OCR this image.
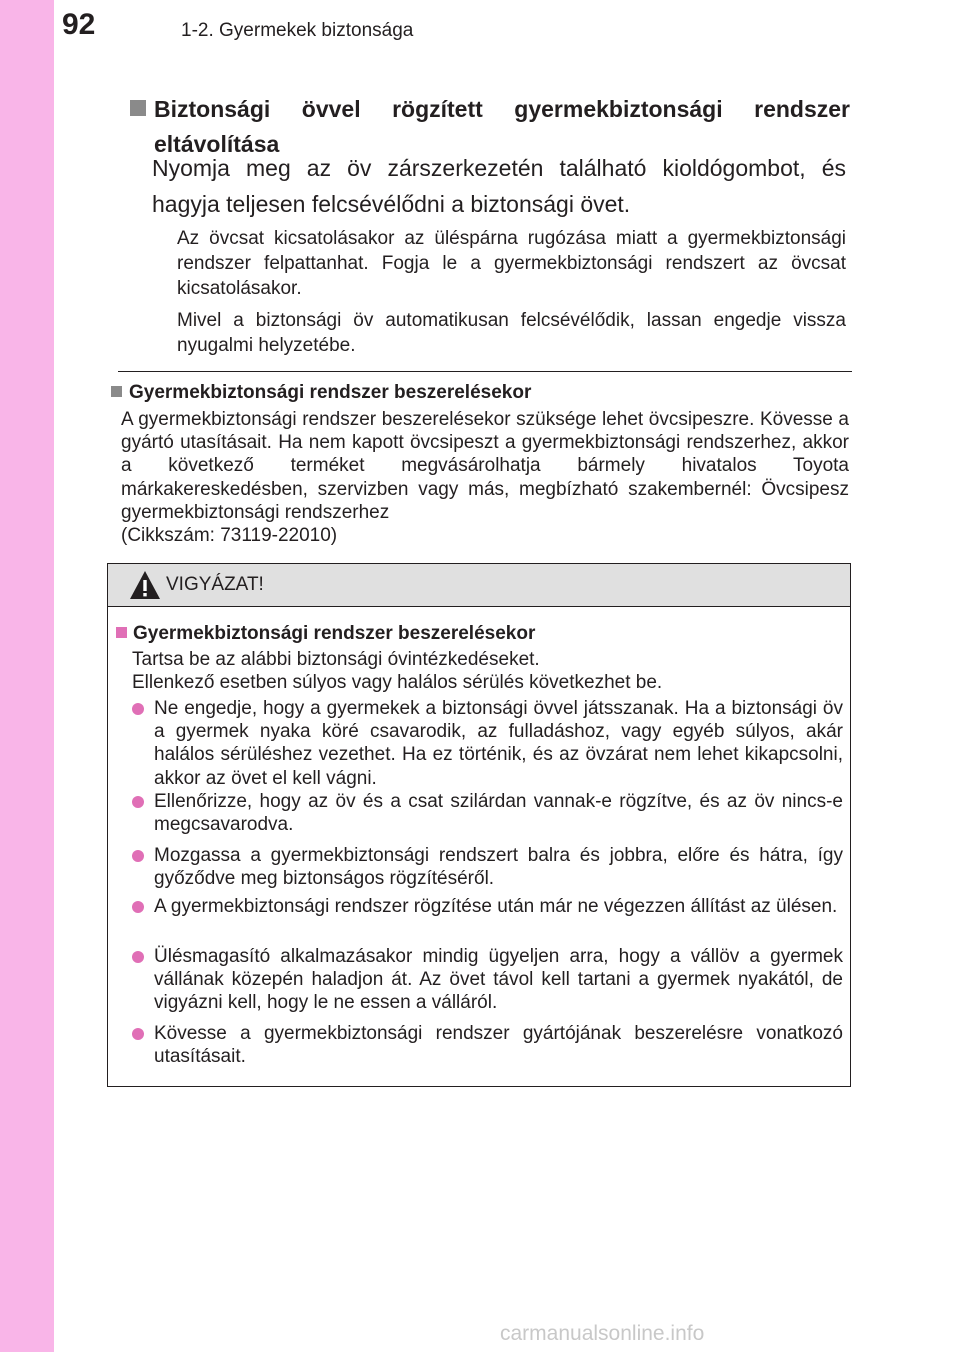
92	1-2. Gyermekek biztonsága
Biztonsági övvel rögzített gyermekbiztonsági rendszer eltávolítása
Nyomja meg az öv zárszerkezetén található kioldógombot, és hagyja teljesen felcsévélődni a biztonsági övet.
Az övcsat kicsatolásakor az üléspárna rugózása miatt a gyermekbiztonsági rendszer felpattanhat. Fogja le a gyermekbiztonsági rendszert az övcsat kicsatolásakor.
Mivel a biztonsági öv automatikusan felcsévélődik, lassan engedje vissza nyugalmi helyzetébe.
Gyermekbiztonsági rendszer beszerelésekor
A gyermekbiztonsági rendszer beszerelésekor szüksége lehet övcsipeszre. Kövesse a gyártó utasításait. Ha nem kapott övcsipeszt a gyermekbiztonsági rendszerhez, akkor a következő terméket megvásárolhatja bármely hivatalos Toyota márkakereskedésben, szervizben vagy más, megbízható szakembernél: Övcsipesz gyermekbiztonsági rendszerhez
(Cikkszám: 73119-22010)
VIGYÁZAT!
Gyermekbiztonsági rendszer beszerelésekor
Tartsa be az alábbi biztonsági óvintézkedéseket.
Ellenkező esetben súlyos vagy halálos sérülés következhet be.
Ne engedje, hogy a gyermekek a biztonsági övvel játsszanak. Ha a biztonsági öv a gyermek nyaka köré csavarodik, az fulladáshoz, vagy egyéb súlyos, akár halálos sérüléshez vezethet. Ha ez történik, és az övzárat nem lehet kikapcsolni, akkor az övet el kell vágni.
Ellenőrizze, hogy az öv és a csat szilárdan vannak-e rögzítve, és az öv nincs-e megcsavarodva.
Mozgassa a gyermekbiztonsági rendszert balra és jobbra, előre és hátra, így győződve meg biztonságos rögzítéséről.
A gyermekbiztonsági rendszer rögzítése után már ne végezzen állítást az ülésen.
Ülésmagasító alkalmazásakor mindig ügyeljen arra, hogy a vállöv a gyermek vállának közepén haladjon át. Az övet távol kell tartani a gyermek nyakától, de vigyázni kell, hogy le ne essen a válláról.
Kövesse a gyermekbiztonsági rendszer gyártójának beszerelésre vonatkozó utasításait.
carmanualsonline.info
